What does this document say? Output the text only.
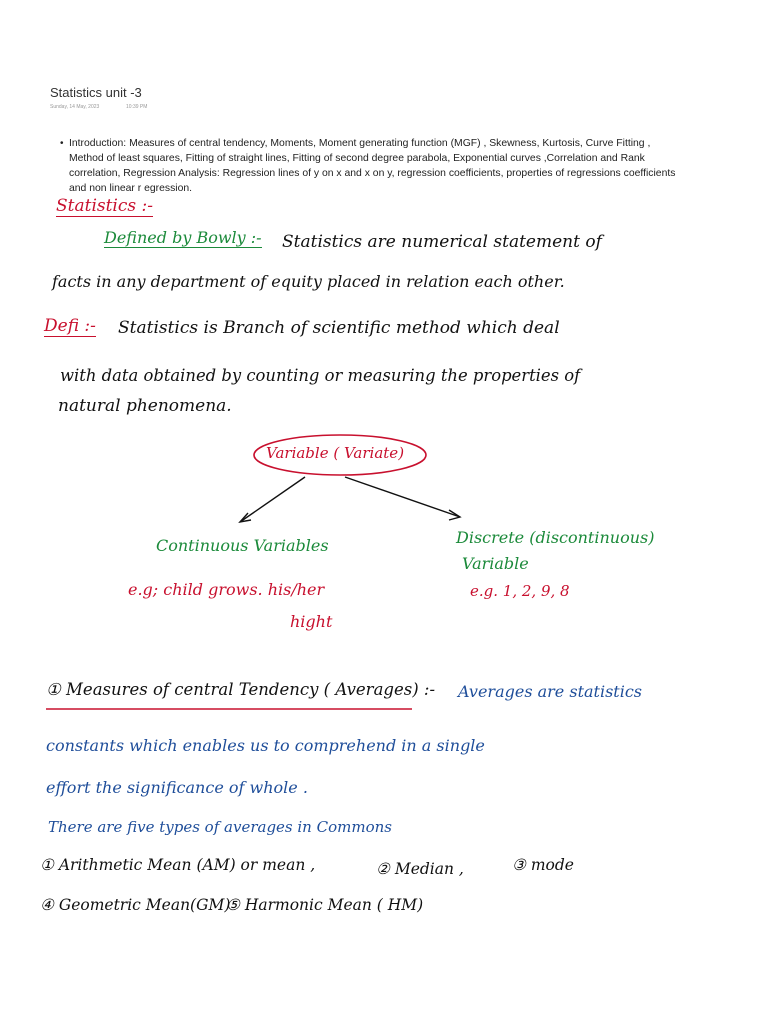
Statistics unit -3
Sunday, 14 May, 2023	10:39 PM
• Introduction: Measures of central tendency, Moments, Moment generating function (MGF) , Skewness, Kurtosis, Curve Fitting , Method of least squares, Fitting of straight lines, Fitting of second degree parabola, Exponential curves ,Correlation and Rank correlation, Regression Analysis: Regression lines of y on x and x on y, regression coefficients, properties of regressions coefficients and non linear r egression.
Statistics :-
Defined by Bowly :- Statistics are numerical statement of
facts in any department of equity placed in relation each other.
Defi :- Statistics is Branch of scientific method which deal
with data obtained by counting or measuring the properties of
natural phenomena.
Variable ( Variate)
Continuous Variables
e.g; child grows. his/her
hight
Discrete (discontinuous)
Variable
e.g. 1, 2, 9, 8
① Measures of central Tendency ( Averages) :- Averages are statistics
constants which enables us to comprehend in a single
effort the significance of whole .
There are five types of averages in Commons
① Arithmetic Mean (AM) or mean ,	② Median ,	③ mode
④ Geometric Mean(GM)
⑤ Harmonic Mean ( HM)
